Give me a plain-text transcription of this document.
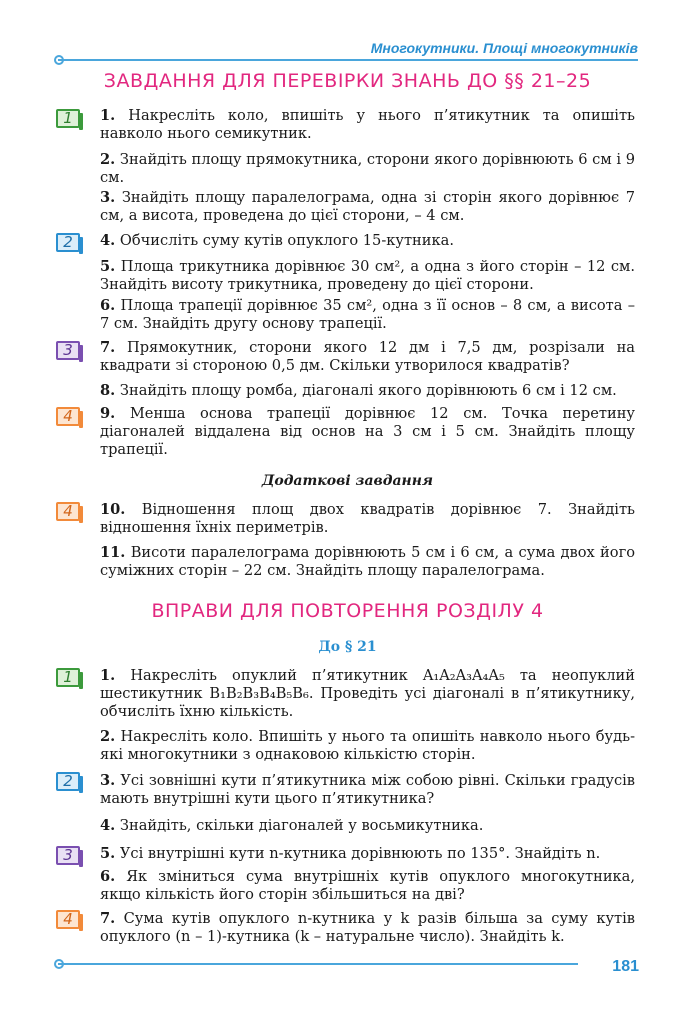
Многокутники. Площі многокутників
ЗАВДАННЯ ДЛЯ ПЕРЕВІРКИ ЗНАНЬ ДО §§ 21–25
1	1. Накресліть коло, впишіть у нього п’ятикутник та опишіть навколо нього семикутник.
2. Знайдіть площу прямокутника, сторони якого дорівнюють 6 см і 9 см.
3. Знайдіть площу паралелограма, одна зі сторін якого дорівнює 7 см, а висота, проведена до цієї сторони, – 4 см.
2	4. Обчисліть суму кутів опуклого 15-кутника.
5. Площа трикутника дорівнює 30 см², а одна з його сторін – 12 см. Знайдіть висоту трикутника, проведену до цієї сторони.
6. Площа трапеції дорівнює 35 см², одна з її основ – 8 см, а висота – 7 см. Знайдіть другу основу трапеції.
3	7. Прямокутник, сторони якого 12 дм і 7,5 дм, розрізали на квадрати зі стороною 0,5 дм. Скільки утворилося квадратів?
8. Знайдіть площу ромба, діагоналі якого дорівнюють 6 см і 12 см.
4	9. Менша основа трапеції дорівнює 12 см. Точка перетину діагоналей віддалена від основ на 3 см і 5 см. Знайдіть площу трапеції.
Додаткові завдання
4	10. Відношення площ двох квадратів дорівнює 7. Знайдіть відношення їхніх периметрів.
11. Висоти паралелограма дорівнюють 5 см і 6 см, а сума двох його суміжних сторін – 22 см. Знайдіть площу паралелограма.
ВПРАВИ ДЛЯ ПОВТОРЕННЯ РОЗДІЛУ 4
До § 21
1	1. Накресліть опуклий п’ятикутник A₁A₂A₃A₄A₅ та неопуклий шестикутник B₁B₂B₃B₄B₅B₆. Проведіть усі діагоналі в п’ятикутнику, обчисліть їхню кількість.
2. Накресліть коло. Впишіть у нього та опишіть навколо нього будь-які многокутники з однаковою кількістю сторін.
2	3. Усі зовнішні кути п’ятикутника між собою рівні. Скільки градусів мають внутрішні кути цього п’ятикутника?
4. Знайдіть, скільки діагоналей у восьмикутника.
3	5. Усі внутрішні кути n-кутника дорівнюють по 135°. Знайдіть n.
6. Як зміниться сума внутрішніх кутів опуклого многокутника, якщо кількість його сторін збільшиться на дві?
4	7. Сума кутів опуклого n-кутника у k разів більша за суму кутів опуклого (n – 1)-кутника (k – натуральне число). Знайдіть k.
181
